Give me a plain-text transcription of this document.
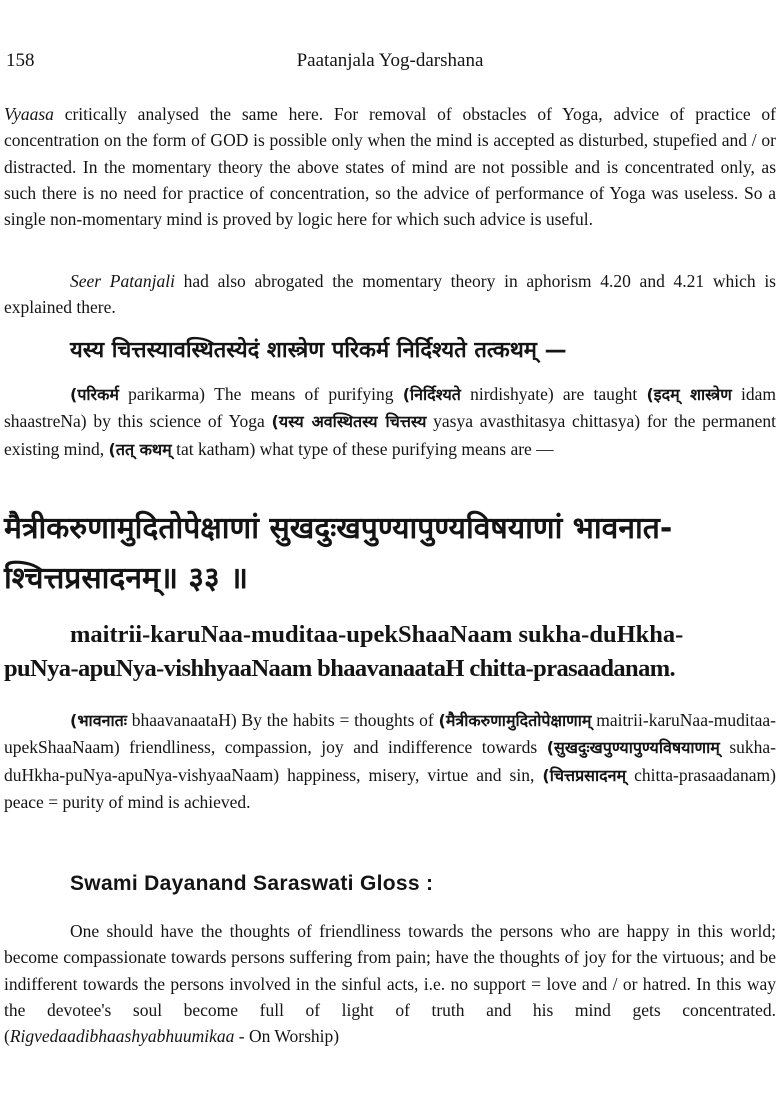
158	Paatanjala Yog-darshana

Vyaasa critically analysed the same here. For removal of obstacles of Yoga, advice of practice of concentration on the form of GOD is possible only when the mind is accepted as disturbed, stupefied and / or distracted. In the momentary theory the above states of mind are not possible and is concentrated only, as such there is no need for practice of concentration, so the advice of performance of Yoga was useless. So a single non-momentary mind is proved by logic here for which such advice is useful.

Seer Patanjali had also abrogated the momentary theory in aphorism 4.20 and 4.21 which is explained there.

यस्य चित्तस्यावस्थितस्येदं शास्त्रेण परिकर्म निर्दिश्यते तत्कथम् —

(परिकर्म parikarma) The means of purifying (निर्दिश्यते nirdishyate) are taught (इदम् शास्त्रेण idam shaastreNa) by this science of Yoga (यस्य अवस्थितस्य चित्तस्य yasya avasthitasya chittasya) for the permanent existing mind, (तत् कथम् tat katham) what type of these purifying means are —

मैत्रीकरुणामुदितोपेक्षाणां सुखदुःखपुण्यापुण्यविषयाणां भावनात-
श्चित्तप्रसादनम्॥ ३३ ॥
maitrii-karuNaa-muditaa-upekShaaNaam sukha-duHkha-
puNya-apuNya-vishhyaaNaam bhaavanaataH chitta-prasaadanam.

(भावनातः bhaavanaataH) By the habits = thoughts of (मैत्रीकरुणामुदितोपेक्षाणाम् maitrii-karuNaa-muditaa-upekShaaNaam) friendliness, compassion, joy and indifference towards (सुखदुःखपुण्यापुण्यविषयाणाम् sukha-duHkha-puNya-apuNya-vishyaaNaam) happiness, misery, virtue and sin, (चित्तप्रसादनम् chitta-prasaadanam) peace = purity of mind is achieved.

Swami Dayanand Saraswati Gloss :

One should have the thoughts of friendliness towards the persons who are happy in this world; become compassionate towards persons suffering from pain; have the thoughts of joy for the virtuous; and be indifferent towards the persons involved in the sinful acts, i.e. no support = love and / or hatred. In this way the devotee's soul become full of light of truth and his mind gets concentrated. (Rigvedaadibhaashyabhuumikaa - On Worship)
